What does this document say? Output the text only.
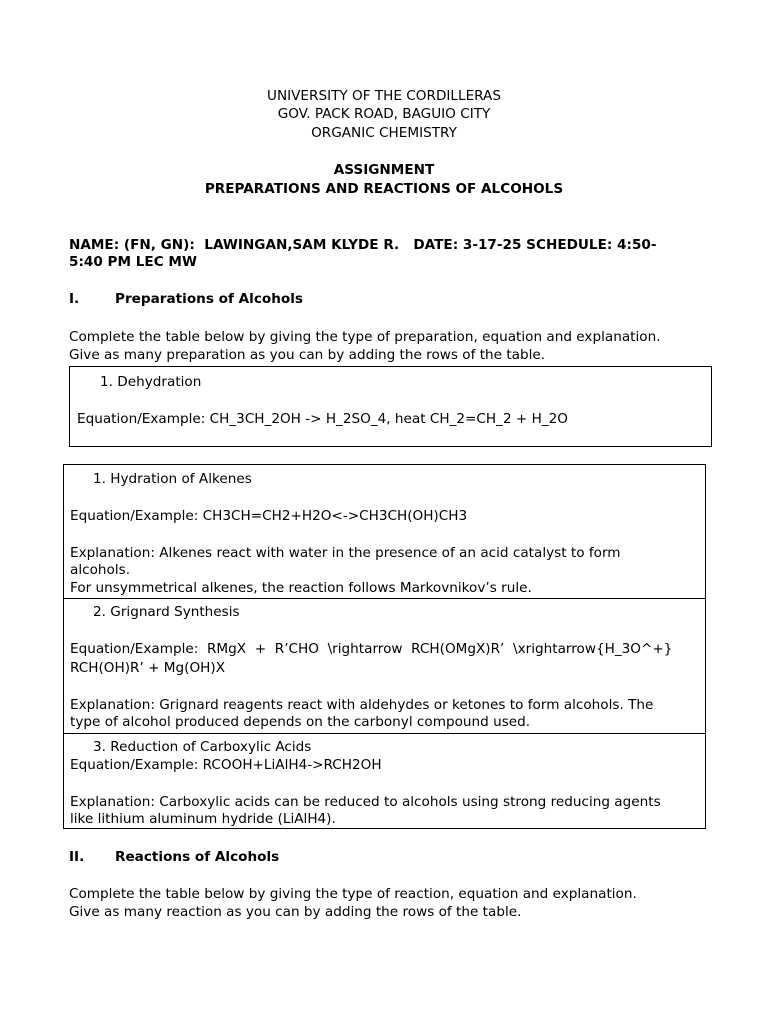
UNIVERSITY OF THE CORDILLERAS
GOV. PACK ROAD, BAGUIO CITY
ORGANIC CHEMISTRY
ASSIGNMENT
PREPARATIONS AND REACTIONS OF ALCOHOLS
NAME: (FN, GN):  LAWINGAN,SAM KLYDE R.   DATE: 3-17-25 SCHEDULE: 4:50-
5:40 PM LEC MW
I.	Preparations of Alcohols
Complete the table below by giving the type of preparation, equation and explanation.
Give as many preparation as you can by adding the rows of the table.
1. Dehydration
Equation/Example: CH_3CH_2OH -> H_2SO_4, heat CH_2=CH_2 + H_2O
1. Hydration of Alkenes
Equation/Example: CH3CH=CH2+H2O<->CH3CH(OH)CH3
Explanation: Alkenes react with water in the presence of an acid catalyst to form
alcohols.
For unsymmetrical alkenes, the reaction follows Markovnikov’s rule.
2. Grignard Synthesis
Equation/Example:  RMgX  +  R’CHO  \rightarrow  RCH(OMgX)R’  \xrightarrow{H_3O^+}
RCH(OH)R’ + Mg(OH)X
Explanation: Grignard reagents react with aldehydes or ketones to form alcohols. The
type of alcohol produced depends on the carbonyl compound used.
3. Reduction of Carboxylic Acids
Equation/Example: RCOOH+LiAlH4->RCH2OH
Explanation: Carboxylic acids can be reduced to alcohols using strong reducing agents
like lithium aluminum hydride (LiAlH4).
II. Reactions of Alcohols
Complete the table below by giving the type of reaction, equation and explanation.
Give as many reaction as you can by adding the rows of the table.
